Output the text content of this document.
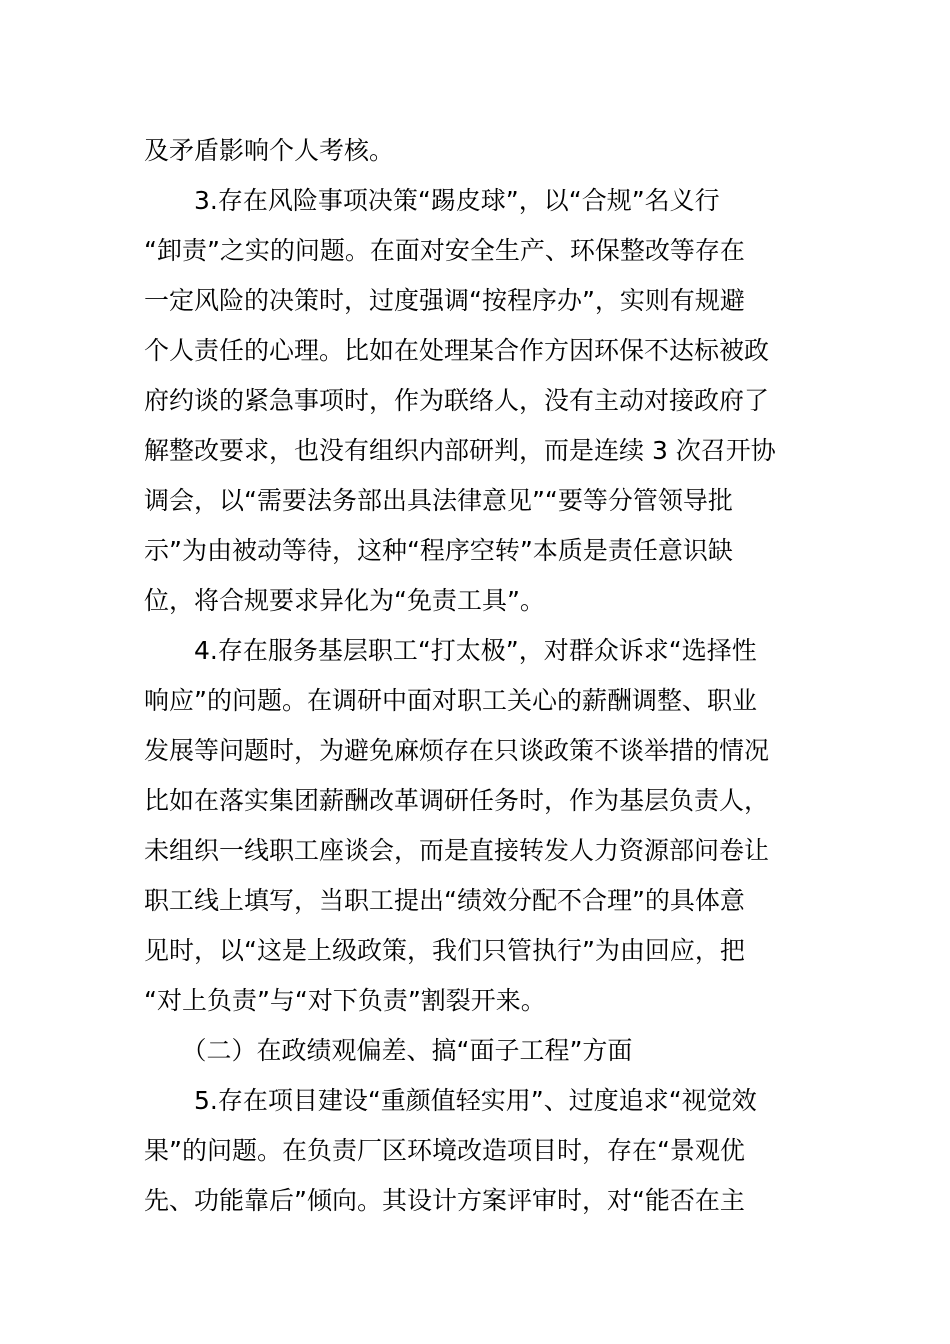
及矛盾影响个人考核。
　　3.存在风险事项决策“踢皮球”，以“合规”名义行
“卸责”之实的问题。在面对安全生产、环保整改等存在
一定风险的决策时，过度强调“按程序办”，实则有规避
个人责任的心理。比如在处理某合作方因环保不达标被政
府约谈的紧急事项时，作为联络人，没有主动对接政府了
解整改要求，也没有组织内部研判，而是连续 3 次召开协
调会，以“需要法务部出具法律意见”“要等分管领导批
示”为由被动等待，这种“程序空转”本质是责任意识缺
位，将合规要求异化为“免责工具”。
　　4.存在服务基层职工“打太极”，对群众诉求“选择性
响应”的问题。在调研中面对职工关心的薪酬调整、职业
发展等问题时，为避免麻烦存在只谈政策不谈举措的情况
比如在落实集团薪酬改革调研任务时，作为基层负责人，
未组织一线职工座谈会，而是直接转发人力资源部问卷让
职工线上填写，当职工提出“绩效分配不合理”的具体意
见时，以“这是上级政策，我们只管执行”为由回应，把
“对上负责”与“对下负责”割裂开来。
　　（二）在政绩观偏差、搞“面子工程”方面
　　5.存在项目建设“重颜值轻实用”、过度追求“视觉效
果”的问题。在负责厂区环境改造项目时，存在“景观优
先、功能靠后”倾向。其设计方案评审时，对“能否在主
